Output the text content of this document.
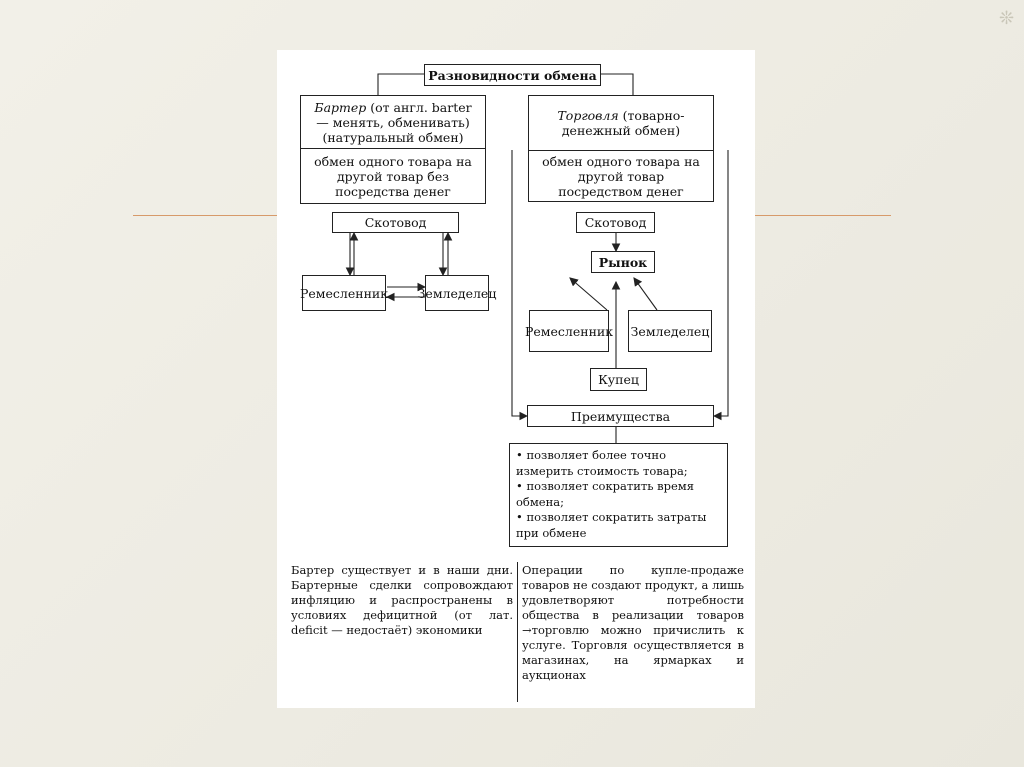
❊
Разновидности обмена
Бартер (от англ. barter — менять, обменивать) (натуральный обмен)
обмен одного товара на другой товар без посредства денег
Скотовод
Ремесленник Земледелец
Торговля (товарно-денежный обмен)
обмен одного товара на другой товар посредством денег
Скотовод
Рынок
Ремесленник Земледелец
Купец
Преимущества
• позволяет более точно измерить стоимость товара;
• позволяет сократить время обмена;
• позволяет сократить затраты при обмене
Бартер существует и в наши дни. Бартерные сделки сопровождают инфляцию и распространены в условиях дефицитной (от лат. deficit — недостаёт) экономики
Операции по купле-продаже товаров не создают продукт, а лишь удовлетворяют потребности общества в реализации товаров →торговлю можно причислить к услуге. Торговля осуществляется в магазинах, на ярмарках и аукционах
